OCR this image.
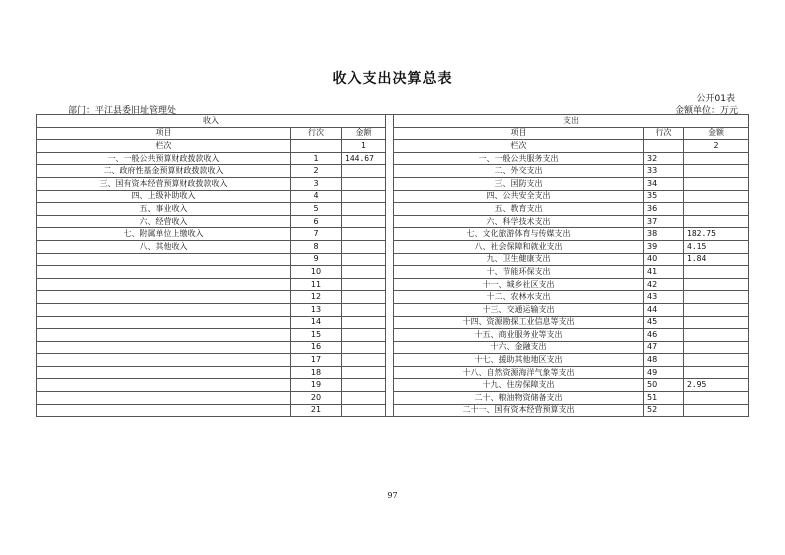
收入支出决算总表
公开01表
部门：平江县委旧址管理处	金额单位：万元
收入				支出		
项目	行次	金额		项目	行次	金额
栏次		1		栏次		2
一、一般公共预算财政拨款收入	1	144.67		一、一般公共服务支出	32	
二、政府性基金预算财政拨款收入	2			二、外交支出	33	
三、国有资本经营预算财政拨款收入	3			三、国防支出	34	
四、上级补助收入	4			四、公共安全支出	35	
五、事业收入	5			五、教育支出	36	
六、经营收入	6			六、科学技术支出	37	
七、附属单位上缴收入	7			七、文化旅游体育与传媒支出	38	182.75
八、其他收入	8			八、社会保障和就业支出	39	4.15
	9			九、卫生健康支出	40	1.84
	10			十、节能环保支出	41	
	11			十一、城乡社区支出	42	
	12			十二、农林水支出	43	
	13			十三、交通运输支出	44	
	14			十四、资源勘探工业信息等支出	45	
	15			十五、商业服务业等支出	46	
	16			十六、金融支出	47	
	17			十七、援助其他地区支出	48	
	18			十八、自然资源海洋气象等支出	49	
	19			十九、住房保障支出	50	2.95
	20			二十、粮油物资储备支出	51	
	21			二十一、国有资本经营预算支出	52	
97
